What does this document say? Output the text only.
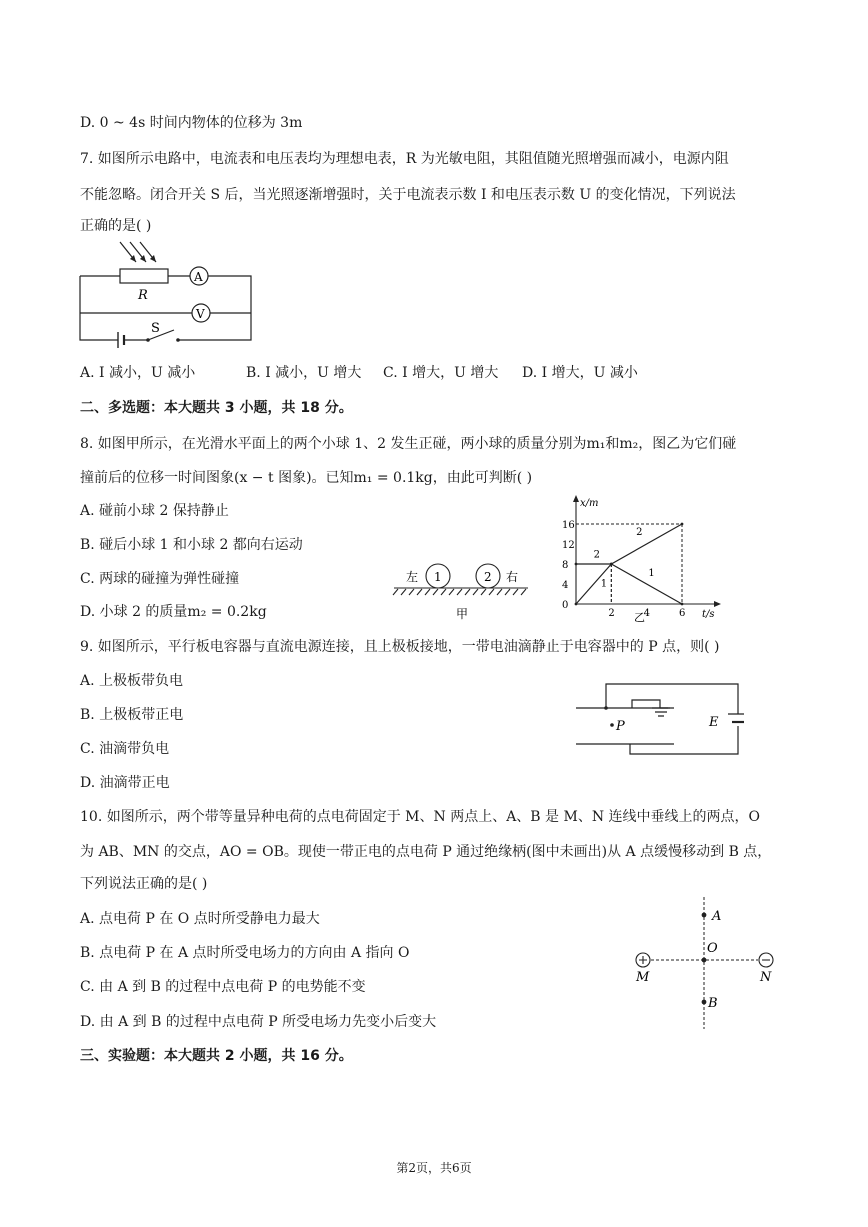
D. 0 ~ 4s 时间内物体的位移为 3m
7. 如图所示电路中，电流表和电压表均为理想电表，R 为光敏电阻，其阻值随光照增强而减小，电源内阻
不能忽略。闭合开关 S 后，当光照逐渐增强时，关于电流表示数 I 和电压表示数 U 的变化情况，下列说法
正确的是( )
R
A
V
S
A. I 减小，U 减小	B. I 减小，U 增大 C. I 增大，U 增大 D. I 增大，U 减小
二、多选题：本大题共 3 小题，共 18 分。
8. 如图甲所示，在光滑水平面上的两个小球 1、2 发生正碰，两小球的质量分别为m₁和m₂，图乙为它们碰
撞前后的位移一时间图象(x − t 图象)。已知m₁ = 0.1kg，由此可判断( )
A. 碰前小球 2 保持静止
B. 碰后小球 1 和小球 2 都向右运动
C. 两球的碰撞为弹性碰撞
D. 小球 2 的质量m₂ = 0.2kg
左 1	2 右
甲
0
4
8
12
16
2	4	6
1
1
2
2
x/m
t/s
乙
9. 如图所示，平行板电容器与直流电源连接，且上极板接地，一带电油滴静止于电容器中的 P 点，则( )
A. 上极板带负电
B. 上极板带正电
C. 油滴带负电
D. 油滴带正电
P	E
10. 如图所示，两个带等量异种电荷的点电荷固定于 M、N 两点上、A、B 是 M、N 连线中垂线上的两点，O
为 AB、MN 的交点，AO = OB。现使一带正电的点电荷 P 通过绝缘柄(图中未画出)从 A 点缓慢移动到 B 点，
下列说法正确的是( )
A. 点电荷 P 在 O 点时所受静电力最大
B. 点电荷 P 在 A 点时所受电场力的方向由 A 指向 O
C. 由 A 到 B 的过程中点电荷 P 的电势能不变
D. 由 A 到 B 的过程中点电荷 P 所受电场力先变小后变大
A
O
M	N
B
三、实验题：本大题共 2 小题，共 16 分。
第2页，共6页
